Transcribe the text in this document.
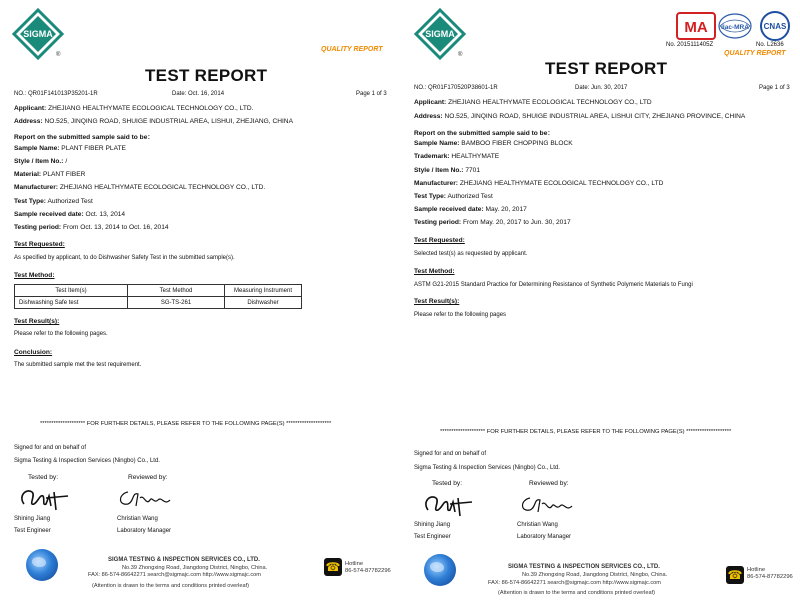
SIGMA
®
QUALITY REPORT
TEST REPORT
NO.: QR01F141013P35201-1R	Date: Oct. 16, 2014	Page 1 of 3
Applicant: ZHEJIANG HEALTHYMATE ECOLOGICAL TECHNOLOGY CO., LTD.
Address: NO.525, JINQING ROAD, SHUIGE INDUSTRIAL AREA, LISHUI, ZHEJIANG, CHINA
Report on the submitted sample said to be：
Sample Name: PLANT FIBER PLATE
Style / Item No.: /
Material: PLANT FIBER
Manufacturer: ZHEJIANG HEALTHYMATE ECOLOGICAL TECHNOLOGY CO., LTD.
Test Type: Authorized Test
Sample received date: Oct. 13, 2014
Testing period: From Oct. 13, 2014 to Oct. 16, 2014
Test Requested:
As specified by applicant, to do Dishwasher Safety Test in the submitted sample(s).
Test Method:
Test Item(s)	Test Method	Measuring Instrument
Dishwashing Safe test	SG-TS-261	Dishwasher
Test Result(s):
Please refer to the following pages.
Conclusion:
The submitted sample met the test requirement.
******************** FOR FURTHER DETAILS, PLEASE REFER TO THE FOLLOWING PAGE(S) ********************
Signed for and on behalf of
Sigma Testing & Inspection Services (Ningbo) Co., Ltd.
Tested by:	Reviewed by:
Shining Jiang	Christian Wang
Test Engineer	Laboratory Manager
SIGMA TESTING & INSPECTION SERVICES CO., LTD.
No.39 Zhongxing Road, Jiangdong District, Ningbo, China.
FAX: 86-574-86642271 search@sigmajc.com http://www.sigmajc.com
(Attention is drawn to the terms and conditions printed overleaf)
☎ Hotline
86-574-87782296
SIGMA
®
MA ilac-MRA CNAS
No. 2015111405Z	No. L2636
QUALITY REPORT
TEST REPORT
NO.: QR01F170520P38601-1R	Date: Jun. 30, 2017	Page 1 of 3
Applicant: ZHEJIANG HEALTHYMATE ECOLOGICAL TECHNOLOGY CO., LTD
Address: NO.525, JINQING ROAD, SHUIGE INDUSTRIAL AREA, LISHUI CITY, ZHEJIANG PROVINCE, CHINA
Report on the submitted sample said to be：
Sample Name: BAMBOO FIBER CHOPPING BLOCK
Trademark: HEALTHYMATE
Style / Item No.: 7701
Manufacturer: ZHEJIANG HEALTHYMATE ECOLOGICAL TECHNOLOGY CO., LTD
Test Type: Authorized Test
Sample received date: May. 20, 2017
Testing period: From May. 20, 2017 to Jun. 30, 2017
Test Requested:
Selected test(s) as requested by applicant.
Test Method:
ASTM G21-2015 Standard Practice for Determining Resistance of Synthetic Polymeric Materials to Fungi
Test Result(s):
Please refer to the following pages
******************** FOR FURTHER DETAILS, PLEASE REFER TO THE FOLLOWING PAGE(S) ********************
Signed for and on behalf of
Sigma Testing & Inspection Services (Ningbo) Co., Ltd.
Tested by:	Reviewed by:
Shining Jiang	Christian Wang
Test Engineer	Laboratory Manager
SIGMA TESTING & INSPECTION SERVICES CO., LTD.
No.39 Zhongxing Road, Jiangdong District, Ningbo, China.
FAX: 86-574-86642271 search@sigmajc.com http://www.sigmajc.com
(Attention is drawn to the terms and conditions printed overleaf)
☎ Hotline
86-574-87782296
